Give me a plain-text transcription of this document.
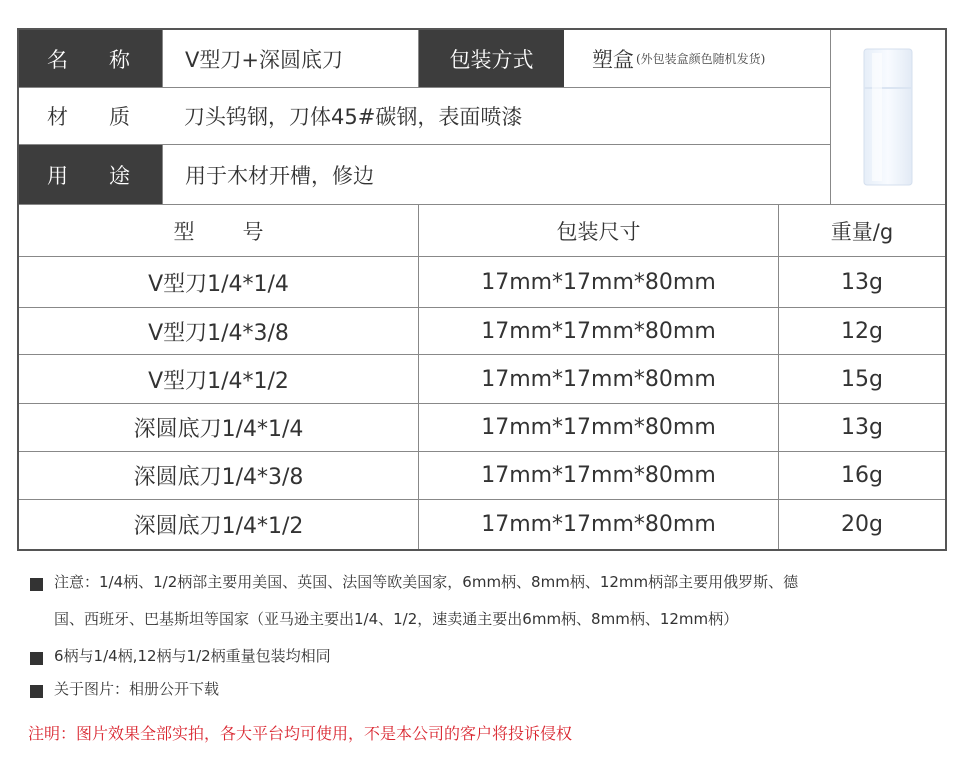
名 称	V型刀+深圆底刀	包装方式	塑盒 (外包装盒颜色随机发货)
材 质	刀头钨钢，刀体45#碳钢，表面喷漆
用 途	用于木材开槽，修边
型 号	包装尺寸	重量/g
V型刀1/4*1/4	17mm*17mm*80mm	13g
V型刀1/4*3/8	17mm*17mm*80mm	12g
V型刀1/4*1/2	17mm*17mm*80mm	15g
深圆底刀1/4*1/4	17mm*17mm*80mm	13g
深圆底刀1/4*3/8	17mm*17mm*80mm	16g
深圆底刀1/4*1/2	17mm*17mm*80mm	20g
注意：1/4柄、1/2柄部主要用美国、英国、法国等欧美国家，6mm柄、8mm柄、12mm柄部主要用俄罗斯、德
国、西班牙、巴基斯坦等国家（亚马逊主要出1/4、1/2，速卖通主要出6mm柄、8mm柄、12mm柄）
6柄与1/4柄,12柄与1/2柄重量包装均相同
关于图片：相册公开下载
注明：图片效果全部实拍，各大平台均可使用，不是本公司的客户将投诉侵权
